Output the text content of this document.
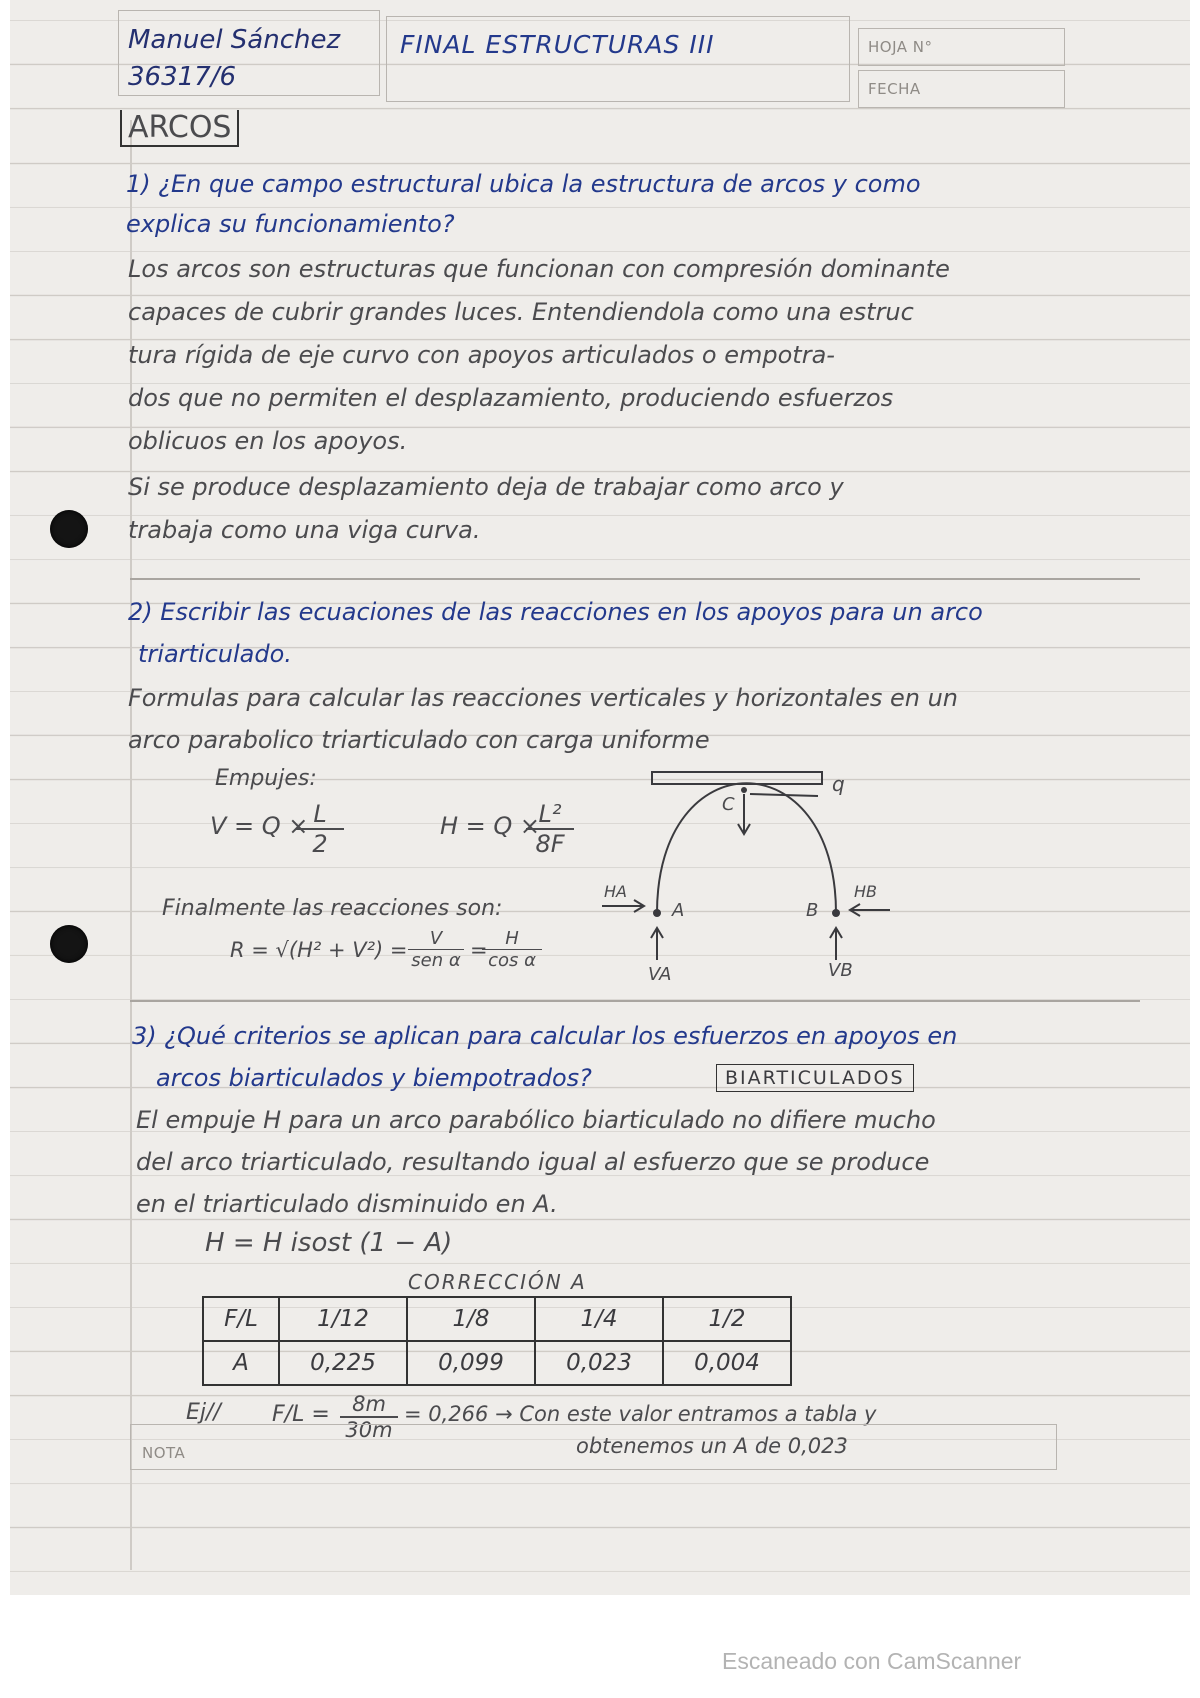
Manuel Sánchez
36317/6
FINAL ESTRUCTURAS III	HOJA N°
FECHA
ARCOS
1) ¿En que campo estructural ubica la estructura de arcos y como
explica su funcionamiento?
Los arcos son estructuras que funcionan con compresión dominante
capaces de cubrir grandes luces. Entendiendola como una estruc
tura rígida de eje curvo con apoyos articulados o empotra-
dos que no permiten el desplazamiento, produciendo esfuerzos
oblicuos en los apoyos.
Si se produce desplazamiento deja de trabajar como arco y
trabaja como una viga curva.
2) Escribir las ecuaciones de las reacciones en los apoyos para un arco
triarticulado.
Formulas para calcular las reacciones verticales y horizontales en un
arco parabolico triarticulado con carga uniforme
Empujes:
V = Q ×
$\frac{L}{2}$	H = Q ×
$\frac{\text{L²}}{8F}$
Finalmente las reacciones son:
R = √(H² + V²) =	V
sen α =
$\frac{H}{\text{cos α}}$
q
C
A	B
HA	HB
VA	VB
3) ¿Qué criterios se aplican para calcular los esfuerzos en apoyos en
arcos biarticulados y biempotrados?	BIARTICULADOS
El empuje H para un arco parabólico biarticulado no difiere mucho
del arco triarticulado, resultando igual al esfuerzo que se produce
en el triarticulado disminuido en A.
H = H isost (1 − A)
CORRECCIÓN A
F/L	1/12	1/8	1/4	1/2
A	0,225	0,099	0,023	0,004
Ej// $F/L = \frac{8m}{30m} = 0,266$ → Con este valor entramos a tabla y
obtenemos un A de 0,023
NOTA
Escaneado con CamScanner
